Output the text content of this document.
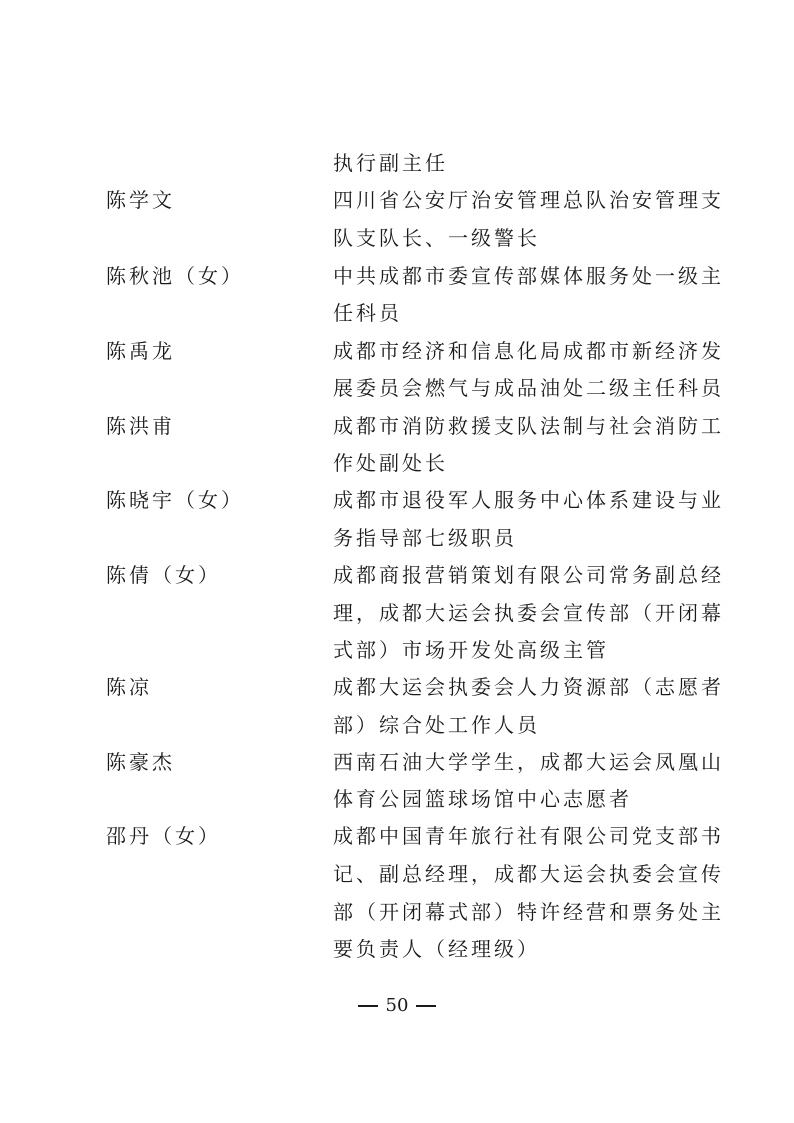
执行副主任
陈学文	四川省公安厅治安管理总队治安管理支
队支队长、一级警长
陈秋池（女）	中共成都市委宣传部媒体服务处一级主
任科员
陈禹龙	成都市经济和信息化局成都市新经济发
展委员会燃气与成品油处二级主任科员
陈洪甫	成都市消防救援支队法制与社会消防工
作处副处长
陈晓宇（女）	成都市退役军人服务中心体系建设与业
务指导部七级职员
陈倩（女）	成都商报营销策划有限公司常务副总经
理，成都大运会执委会宣传部（开闭幕
式部）市场开发处高级主管
陈凉	成都大运会执委会人力资源部（志愿者
部）综合处工作人员
陈豪杰	西南石油大学学生，成都大运会凤凰山
体育公园篮球场馆中心志愿者
邵丹（女）	成都中国青年旅行社有限公司党支部书
记、副总经理，成都大运会执委会宣传
部（开闭幕式部）特许经营和票务处主
要负责人（经理级）
50
